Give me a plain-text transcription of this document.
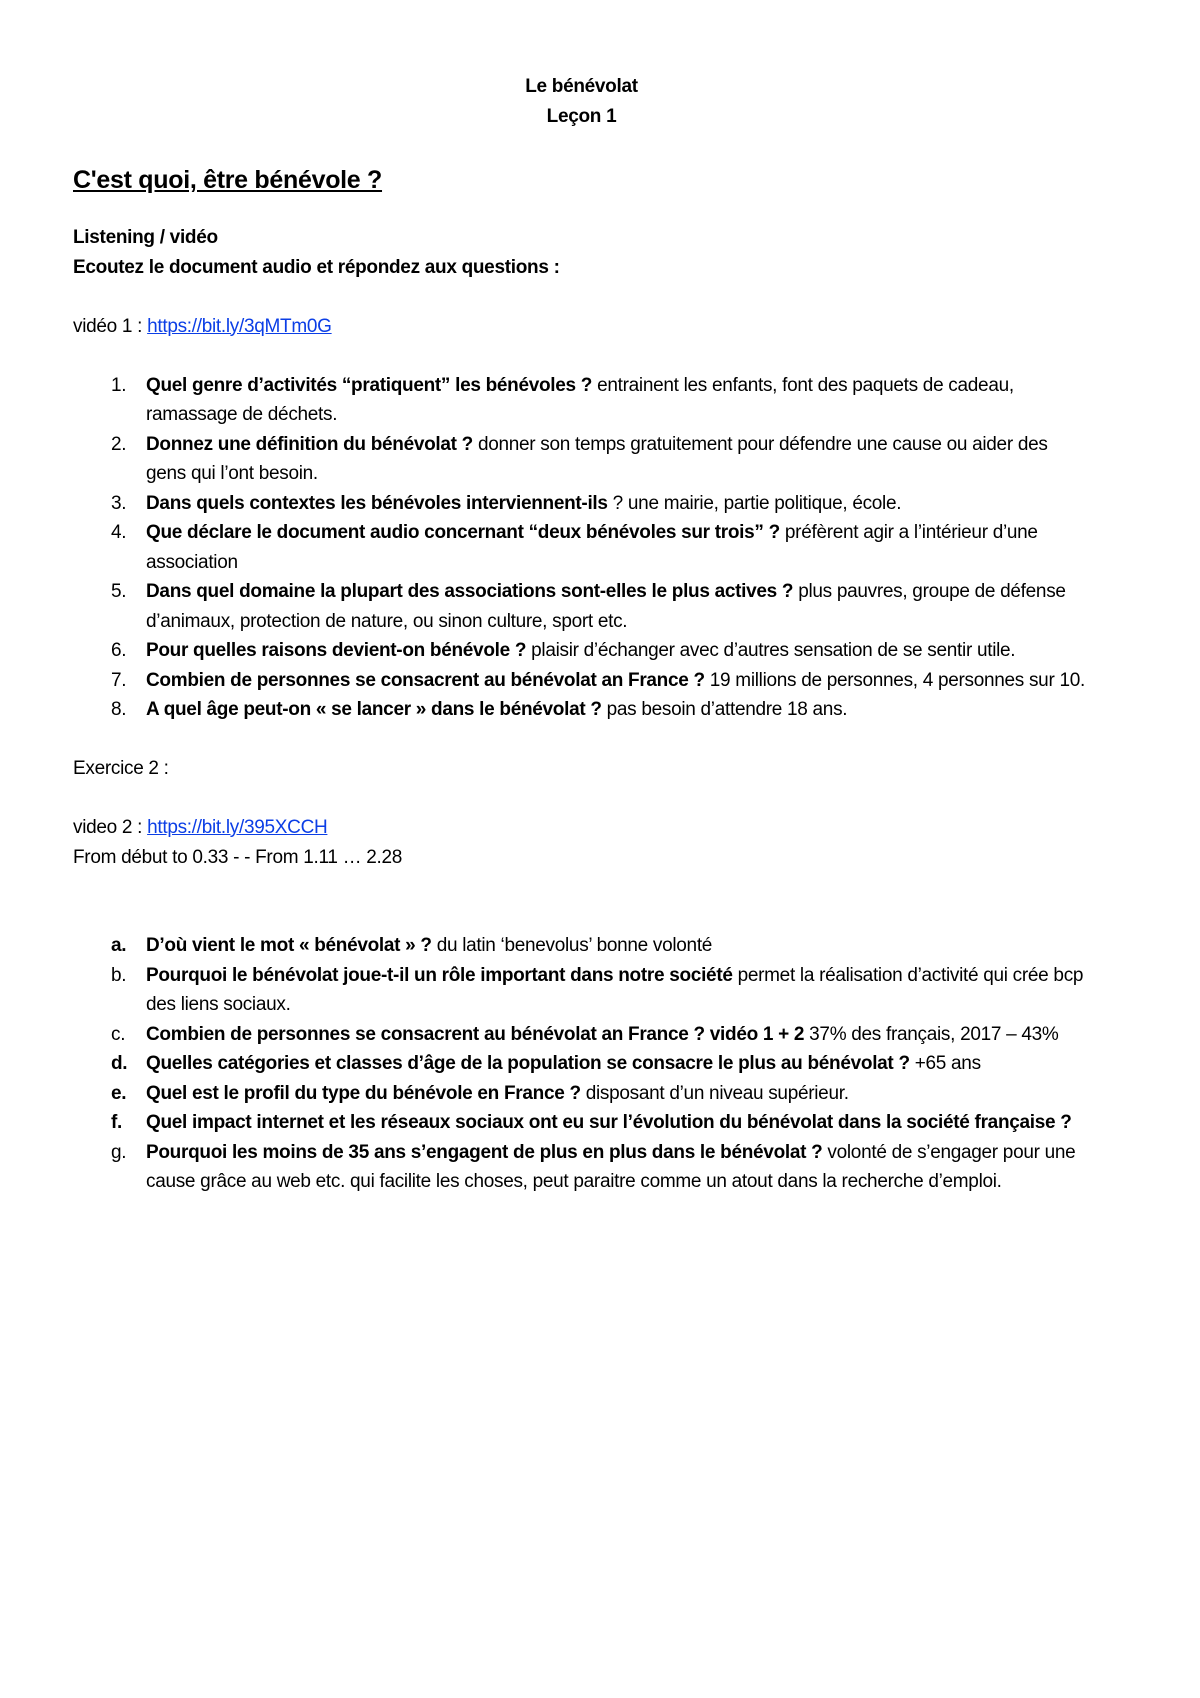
Le bénévolat

Leçon 1

C'est quoi, être bénévole ?

Listening / vidéo

Ecoutez le document audio et répondez aux questions :

vidéo 1 : https://bit.ly/3qMTm0G

1.	Quel genre d’activités “pratiquent” les bénévoles ? entrainent les enfants, font des paquets de cadeau, ramassage de déchets.
2.	Donnez une définition du bénévolat ? donner son temps gratuitement pour défendre une cause ou aider des gens qui l’ont besoin.
3.	Dans quels contextes les bénévoles interviennent-ils ? une mairie, partie politique, école.
4.	Que déclare le document audio concernant “deux bénévoles sur trois” ? préfèrent agir a l’intérieur d’une association
5.	Dans quel domaine la plupart des associations sont-elles le plus actives ? plus pauvres, groupe de défense d’animaux, protection de nature, ou sinon culture, sport etc.
6.	Pour quelles raisons devient-on bénévole ? plaisir d’échanger avec d’autres sensation de se sentir utile.
7.	Combien de personnes se consacrent au bénévolat an France ? 19 millions de personnes, 4 personnes sur 10.
8.	A quel âge peut-on « se lancer » dans le bénévolat ? pas besoin d’attendre 18 ans.

Exercice 2 :

video 2 : https://bit.ly/395XCCH

From début to 0.33 - - From 1.11 … 2.28

a.	D’où vient le mot « bénévolat » ? du latin ‘benevolus’ bonne volonté
b.	Pourquoi le bénévolat joue-t-il un rôle important dans notre société permet la réalisation d’activité qui crée bcp des liens sociaux.
c.	Combien de personnes se consacrent au bénévolat an France ? vidéo 1 + 2 37% des français, 2017 – 43%
d. Quelles catégories et classes d’âge de la population se consacre le plus au bénévolat ? +65 ans
e.	Quel est le profil du type du bénévole en France ? disposant d’un niveau supérieur.
f.	Quel impact internet et les réseaux sociaux ont eu sur l’évolution du bénévolat dans la société française ?
g.	Pourquoi les moins de 35 ans s’engagent de plus en plus dans le bénévolat ? volonté de s’engager pour une cause grâce au web etc. qui facilite les choses, peut paraitre comme un atout dans la recherche d’emploi.
